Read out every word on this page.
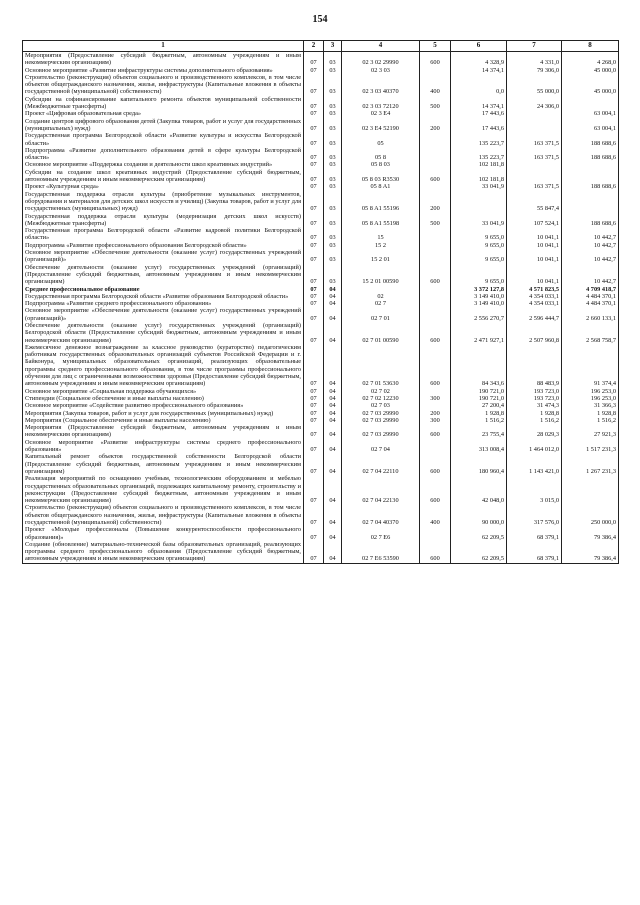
154
1	2	3	4	5	6	7	8
Мероприятия (Предоставление субсидий бюджетным, автономным учреждениям и иным некоммерческим организациям)	07	03	02 3 02 29990	600	4 328,9	4 331,0	4 268,0
Основное мероприятие «Развитие инфраструктуры системы дополнительного образования»	07	03	02 3 03		14 374,1	79 306,0	45 000,0
Строительство (реконструкция) объектов социального и производственного комплексов, в том числе объектов общегражданского назначения, жилья, инфраструктуры (Капитальные вложения в объекты государственной (муниципальной) собственности)	07	03	02 3 03 40370	400	0,0	55 000,0	45 000,0
Субсидии на софинансирование капитального ремонта объектов муниципальной собственности (Межбюджетные трансферты)	07	03	02 3 03 72120	500	14 374,1	24 306,0	
Проект «Цифровая образовательная среда»	07	03	02 3 E4		17 443,6		63 004,1
Создание центров цифрового образования детей (Закупка товаров, работ и услуг для государственных (муниципальных) нужд)	07	03	02 3 E4 52190	200	17 443,6		63 004,1
Государственная программа Белгородской области «Развитие культуры и искусства Белгородской области»	07	03	05		135 223,7	163 371,5	188 688,6
Подпрограмма «Развитие дополнительного образования детей в сфере культуры Белгородской области»	07	03	05 8		135 223,7	163 371,5	188 688,6
Основное мероприятие «Поддержка создания и деятельности школ креативных индустрий»	07	03	05 8 03		102 181,8		
Субсидии на создание школ креативных индустрий (Предоставление субсидий бюджетным, автономным учреждениям и иным некоммерческим организациям)	07	03	05 8 03 R3530	600	102 181,8		
Проект «Культурная среда»	07	03	05 8 A1		33 041,9	163 371,5	188 688,6
Государственная поддержка отрасли культуры (приобретение музыкальных инструментов, оборудования и материалов для детских школ искусств и училищ) (Закупка товаров, работ и услуг для государственных (муниципальных) нужд)	07	03	05 8 A1 55196	200		55 847,4	
Государственная поддержка отрасли культуры (модернизация детских школ искусств) (Межбюджетные трансферты)	07	03	05 8 A1 55198	500	33 041,9	107 524,1	188 688,6
Государственная программа Белгородской области «Развитие кадровой политики Белгородской области»	07	03	15		9 655,0	10 041,1	10 442,7
Подпрограмма «Развитие профессионального образования Белгородской области»	07	03	15 2		9 655,0	10 041,1	10 442,7
Основное мероприятие «Обеспечение деятельности (оказание услуг) государственных учреждений (организаций)»	07	03	15 2 01		9 655,0	10 041,1	10 442,7
Обеспечение деятельности (оказание услуг) государственных учреждений (организаций) (Предоставление субсидий бюджетным, автономным учреждениям и иным некоммерческим организациям)	07	03	15 2 01 00590	600	9 655,0	10 041,1	10 442,7
Среднее профессиональное образование	07	04			3 372 127,8	4 571 823,5	4 709 418,7
Государственная программа Белгородской области «Развитие образования Белгородской области»	07	04	02		3 149 410,0	4 354 033,1	4 484 370,1
Подпрограмма «Развитие среднего профессионального образования»	07	04	02 7		3 149 410,0	4 354 033,1	4 484 370,1
Основное мероприятие «Обеспечение деятельности (оказание услуг) государственных учреждений (организаций)»	07	04	02 7 01		2 556 270,7	2 596 444,7	2 660 133,1
Обеспечение деятельности (оказание услуг) государственных учреждений (организаций) Белгородской области (Предоставление субсидий бюджетным, автономным учреждениям и иным некоммерческим организациям)	07	04	02 7 01 00590	600	2 471 927,1	2 507 960,8	2 568 758,7
Ежемесячное денежное вознаграждение за классное руководство (кураторство) педагогическим работникам государственных образовательных организаций субъектов Российской Федерации и г. Байконура, муниципальных образовательных организаций, реализующих образовательные программы среднего профессионального образования, в том числе программы профессионального обучения для лиц с ограниченными возможностями здоровья (Предоставление субсидий бюджетным, автономным учреждениям и иным некоммерческим организациям)	07	04	02 7 01 53630	600	84 343,6	88 483,9	91 374,4
Основное мероприятие «Социальная поддержка обучающихся»	07	04	02 7 02		190 721,0	193 723,0	196 253,0
Стипендии (Социальное обеспечение и иные выплаты населению)	07	04	02 7 02 12230	300	190 721,0	193 723,0	196 253,0
Основное мероприятие «Содействие развитию профессионального образования»	07	04	02 7 03		27 200,4	31 474,3	31 366,3
Мероприятия (Закупка товаров, работ и услуг для государственных (муниципальных) нужд)	07	04	02 7 03 29990	200	1 928,8	1 928,8	1 928,8
Мероприятия (Социальное обеспечение и иные выплаты населению)	07	04	02 7 03 29990	300	1 516,2	1 516,2	1 516,2
Мероприятия (Предоставление субсидий бюджетным, автономным учреждениям и иным некоммерческим организациям)	07	04	02 7 03 29990	600	23 755,4	28 029,3	27 921,3
Основное мероприятие «Развитие инфраструктуры системы среднего профессионального образования»	07	04	02 7 04		313 008,4	1 464 012,0	1 517 231,3
Капитальный ремонт объектов государственной собственности Белгородской области (Предоставление субсидий бюджетным, автономным учреждениям и иным некоммерческим организациям)	07	04	02 7 04 22110	600	180 960,4	1 143 421,0	1 267 231,3
Реализация мероприятий по оснащению учебным, технологическим оборудованием и мебелью государственных образовательных организаций, подлежащих капитальному ремонту, строительству и реконструкции (Предоставление субсидий бюджетным, автономным учреждениям и иным некоммерческим организациям)	07	04	02 7 04 22130	600	42 048,0	3 015,0	
Строительство (реконструкция) объектов социального и производственного комплексов, в том числе объектов общегражданского назначения, жилья, инфраструктуры (Капитальные вложения в объекты государственной (муниципальной) собственности)	07	04	02 7 04 40370	400	90 000,0	317 576,0	250 000,0
Проект «Молодые профессионалы (Повышение конкурентоспособности профессионального образования)»	07	04	02 7 E6		62 209,5	68 379,1	79 386,4
Создание (обновление) материально-технической базы образовательных организаций, реализующих программы среднего профессионального образования (Предоставление субсидий бюджетным, автономным учреждениям и иным некоммерческим организациям)	07	04	02 7 E6 53590	600	62 209,5	68 379,1	79 386,4
